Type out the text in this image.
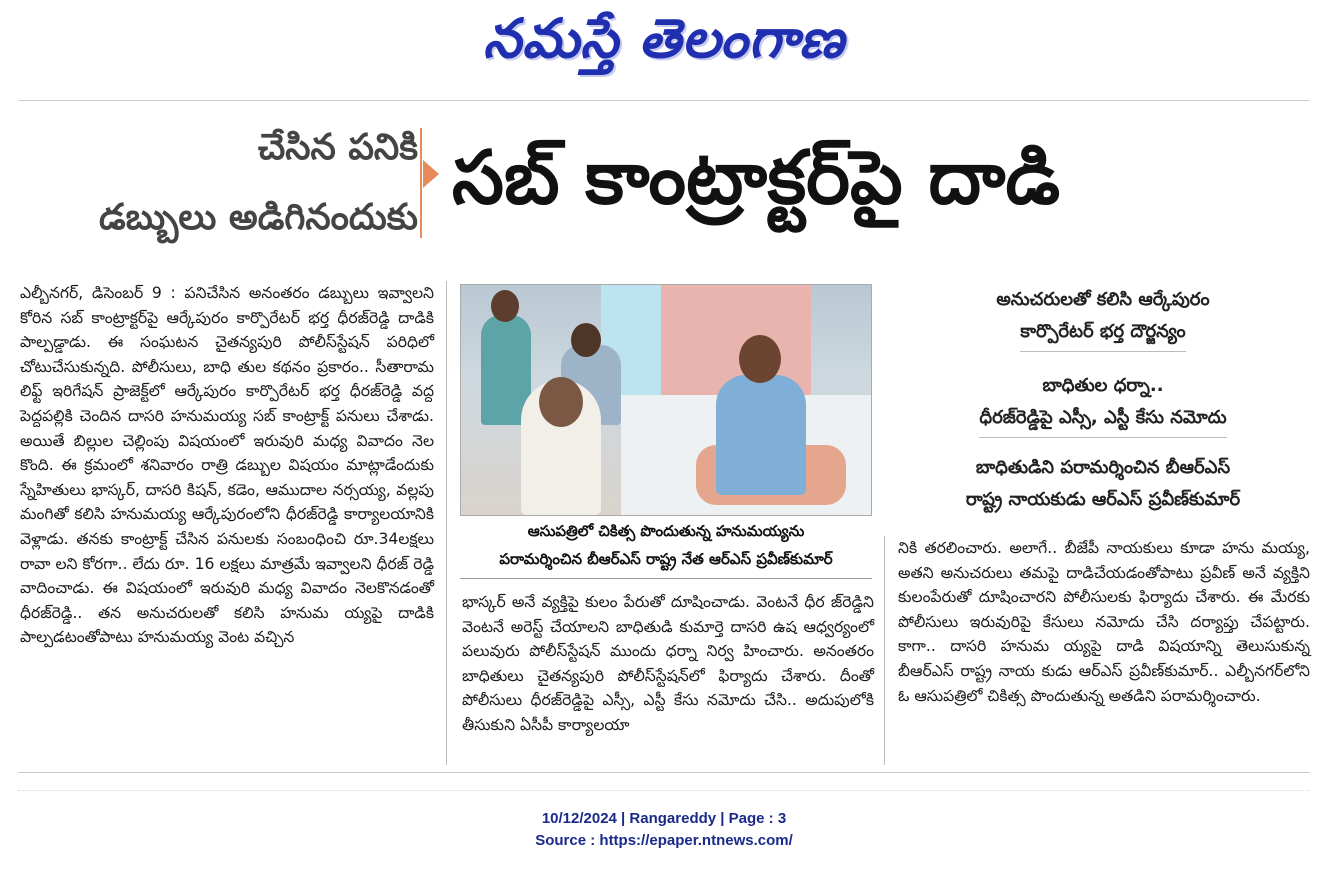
నమస్తే తెలంగాణ
చేసిన పనికి
డబ్బులు అడిగినందుకు సబ్ కాంట్రాక్టర్‌పై దాడి

ఎల్బీనగర్, డిసెంబర్ 9 : పనిచేసిన అనంతరం డబ్బులు ఇవ్వాలని కోరిన సబ్ కాంట్రాక్టర్‌పై ఆర్కేపురం కార్పొరేటర్ భర్త ధీరజ్‌రెడ్డి దాడికి పాల్పడ్డాడు. ఈ సంఘటన చైతన్యపురి పోలీస్‌స్టేషన్ పరిధిలో చోటుచేసుకున్నది. పోలీసులు, బాధి తుల కథనం ప్రకారం.. సీతారామ లిఫ్ట్ ఇరిగేషన్ ప్రాజెక్ట్‌లో ఆర్కేపురం కార్పొరేటర్ భర్త ధీరజ్‌రెడ్డి వద్ద పెద్దపల్లికి చెందిన దాసరి హనుమయ్య సబ్ కాంట్రాక్ట్ పనులు చేశాడు. అయితే బిల్లుల చెల్లింపు విషయంలో ఇరువురి మధ్య వివాదం నెల కొంది. ఈ క్రమంలో శనివారం రాత్రి డబ్బుల విషయం మాట్లాడేందుకు స్నేహితులు భాస్కర్, దాసరి కిషన్, కడెం, ఆముదాల నర్సయ్య, వల్లపు మంగితో కలిసి హనుమయ్య ఆర్కేపురంలోని ధీరజ్‌రెడ్డి కార్యాలయానికి వెళ్లాడు. తనకు కాంట్రాక్ట్ చేసిన పనులకు సంబంధించి రూ.34లక్షలు రావా లని కోరగా.. లేదు రూ. 16 లక్షలు మాత్రమే ఇవ్వాలని ధీరజ్ రెడ్డి వాదించాడు. ఈ విషయంలో ఇరువురి మధ్య వివాదం నెలకొనడంతో ధీరజ్‌రెడ్డి.. తన అనుచరులతో కలిసి హనుమ య్యపై దాడికి పాల్పడటంతోపాటు హనుమయ్య వెంట వచ్చిన

ఆసుపత్రిలో చికిత్స పొందుతున్న హనుమయ్యను
పరామర్శించిన బీఆర్‌ఎస్ రాష్ట్ర నేత ఆర్‌ఎస్ ప్రవీణ్‌కుమార్

భాస్కర్ అనే వ్యక్తిపై కులం పేరుతో దూషించాడు. వెంటనే ధీర జ్‌రెడ్డిని వెంటనే అరెస్ట్ చేయాలని బాధితుడి కుమార్తె దాసరి ఉష ఆధ్వర్యంలో పలువురు పోలీస్‌స్టేషన్ ముందు ధర్నా నిర్వ హించారు. అనంతరం బాధితులు చైతన్యపురి పోలీస్‌స్టేషన్‌లో ఫిర్యాదు చేశారు. దీంతో పోలీసులు ధీరజ్‌రెడ్డిపై ఎస్సీ, ఎస్టీ కేసు నమోదు చేసి.. అదుపులోకి తీసుకుని ఏసీపీ కార్యాలయా

అనుచరులతో కలిసి ఆర్కేపురం
కార్పొరేటర్ భర్త దౌర్జన్యం
బాధితుల ధర్నా..
ధీరజ్‌రెడ్డిపై ఎస్సీ, ఎస్టీ కేసు నమోదు
బాధితుడిని పరామర్శించిన బీఆర్‌ఎస్
రాష్ట్ర నాయకుడు ఆర్‌ఎస్ ప్రవీణ్‌కుమార్

నికి తరలించారు. అలాగే.. బీజేపీ నాయకులు కూడా హను మయ్య, అతని అనుచరులు తమపై దాడిచేయడంతోపాటు ప్రవీణ్ అనే వ్యక్తిని కులంపేరుతో దూషించారని పోలీసులకు ఫిర్యాదు చేశారు. ఈ మేరకు పోలీసులు ఇరువురిపై కేసులు నమోదు చేసి దర్యాప్తు చేపట్టారు. కాగా.. దాసరి హనుమ య్యపై దాడి విషయాన్ని తెలుసుకున్న బీఆర్‌ఎస్ రాష్ట్ర నాయ కుడు ఆర్‌ఎస్ ప్రవీణ్‌కుమార్.. ఎల్బీనగర్‌లోని ఓ ఆసుపత్రిలో చికిత్స పొందుతున్న అతడిని పరామర్శించారు.

10/12/2024 | Rangareddy | Page : 3
Source : https://epaper.ntnews.com/
